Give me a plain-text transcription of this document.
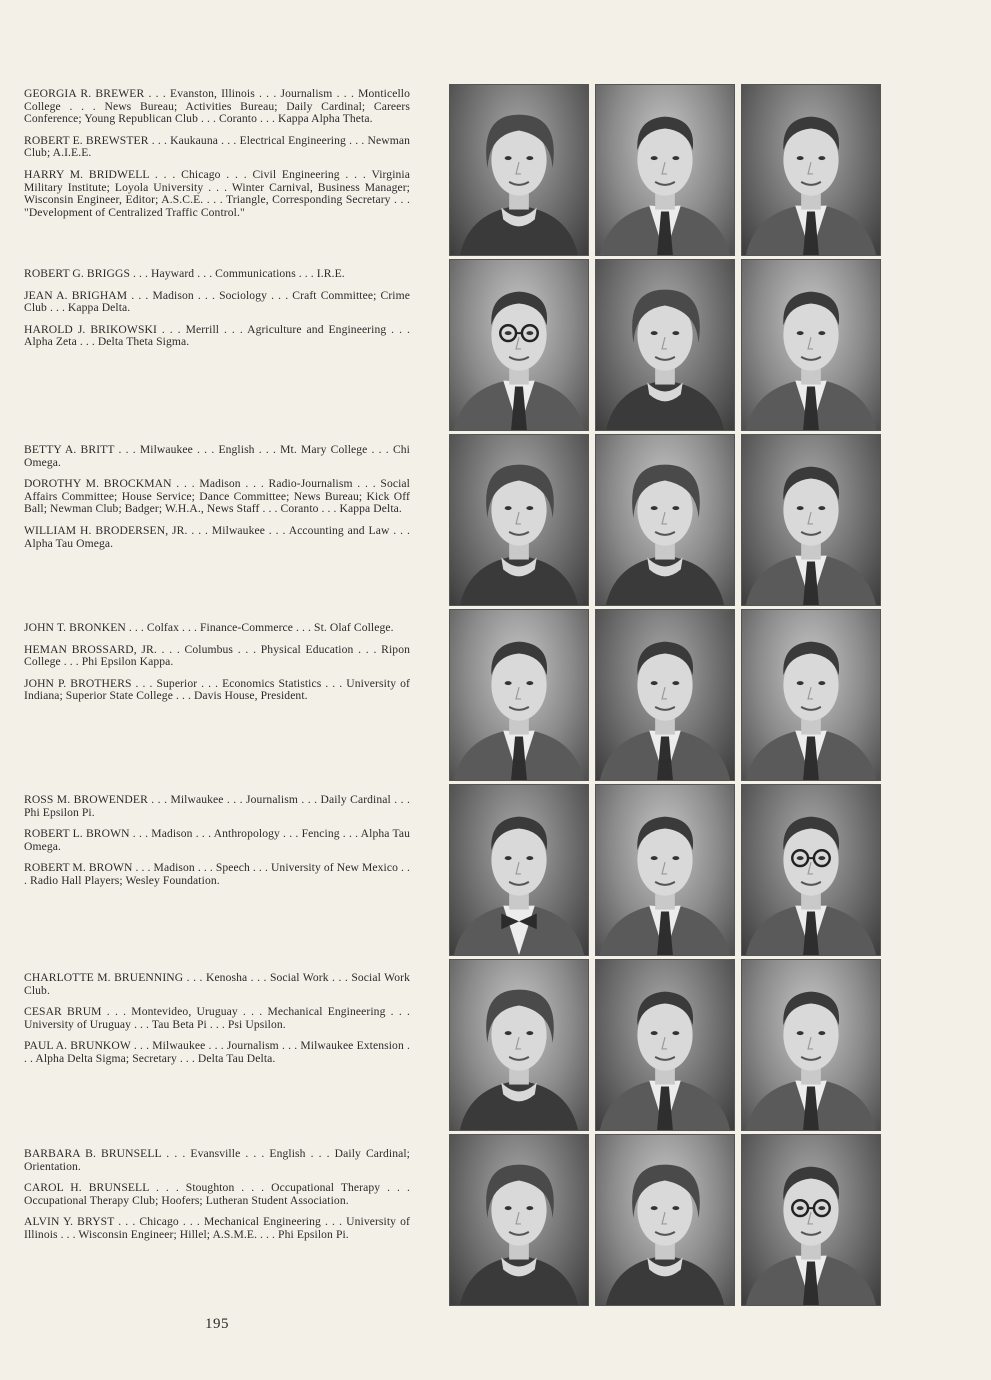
GEORGIA R. BREWER . . . Evanston, Illinois . . . Journalism . . . Monticello College . . . News Bureau; Activities Bureau; Daily Cardinal; Careers Conference; Young Republican Club . . . Coranto . . . Kappa Alpha Theta.

ROBERT E. BREWSTER . . . Kaukauna . . . Electrical Engineering . . . Newman Club; A.I.E.E.

HARRY M. BRIDWELL . . . Chicago . . . Civil Engineering . . . Virginia Military Institute; Loyola University . . . Winter Carnival, Business Manager; Wisconsin Engineer, Editor; A.S.C.E. . . . Triangle, Corresponding Secretary . . . "Development of Centralized Traffic Control."

ROBERT G. BRIGGS . . . Hayward . . . Communications . . . I.R.E.

JEAN A. BRIGHAM . . . Madison . . . Sociology . . . Craft Committee; Crime Club . . . Kappa Delta.

HAROLD J. BRIKOWSKI . . . Merrill . . . Agriculture and Engineering . . . Alpha Zeta . . . Delta Theta Sigma.

BETTY A. BRITT . . . Milwaukee . . . English . . . Mt. Mary College . . . Chi Omega.

DOROTHY M. BROCKMAN . . . Madison . . . Radio-Journalism . . . Social Affairs Committee; House Service; Dance Committee; News Bureau; Kick Off Ball; Newman Club; Badger; W.H.A., News Staff . . . Coranto . . . Kappa Delta.

WILLIAM H. BRODERSEN, JR. . . . Milwaukee . . . Accounting and Law . . . Alpha Tau Omega.

JOHN T. BRONKEN . . . Colfax . . . Finance-Commerce . . . St. Olaf College.

HEMAN BROSSARD, JR. . . . Columbus . . . Physical Education . . . Ripon College . . . Phi Epsilon Kappa.

JOHN P. BROTHERS . . . Superior . . . Economics Statistics . . . University of Indiana; Superior State College . . . Davis House, President.

ROSS M. BROWENDER . . . Milwaukee . . . Journalism . . . Daily Cardinal . . . Phi Epsilon Pi.

ROBERT L. BROWN . . . Madison . . . Anthropology . . . Fencing . . . Alpha Tau Omega.

ROBERT M. BROWN . . . Madison . . . Speech . . . University of New Mexico . . . Radio Hall Players; Wesley Foundation.

CHARLOTTE M. BRUENNING . . . Kenosha . . . Social Work . . . Social Work Club.

CESAR BRUM . . . Montevideo, Uruguay . . . Mechanical Engineering . . . University of Uruguay . . . Tau Beta Pi . . . Psi Upsilon.

PAUL A. BRUNKOW . . . Milwaukee . . . Journalism . . . Milwaukee Extension . . . Alpha Delta Sigma; Secretary . . . Delta Tau Delta.

BARBARA B. BRUNSELL . . . Evansville . . . English . . . Daily Cardinal; Orientation.

CAROL H. BRUNSELL . . . Stoughton . . . Occupational Therapy . . . Occupational Therapy Club; Hoofers; Lutheran Student Association.

ALVIN Y. BRYST . . . Chicago . . . Mechanical Engineering . . . University of Illinois . . . Wisconsin Engineer; Hillel; A.S.M.E. . . . Phi Epsilon Pi.

195
